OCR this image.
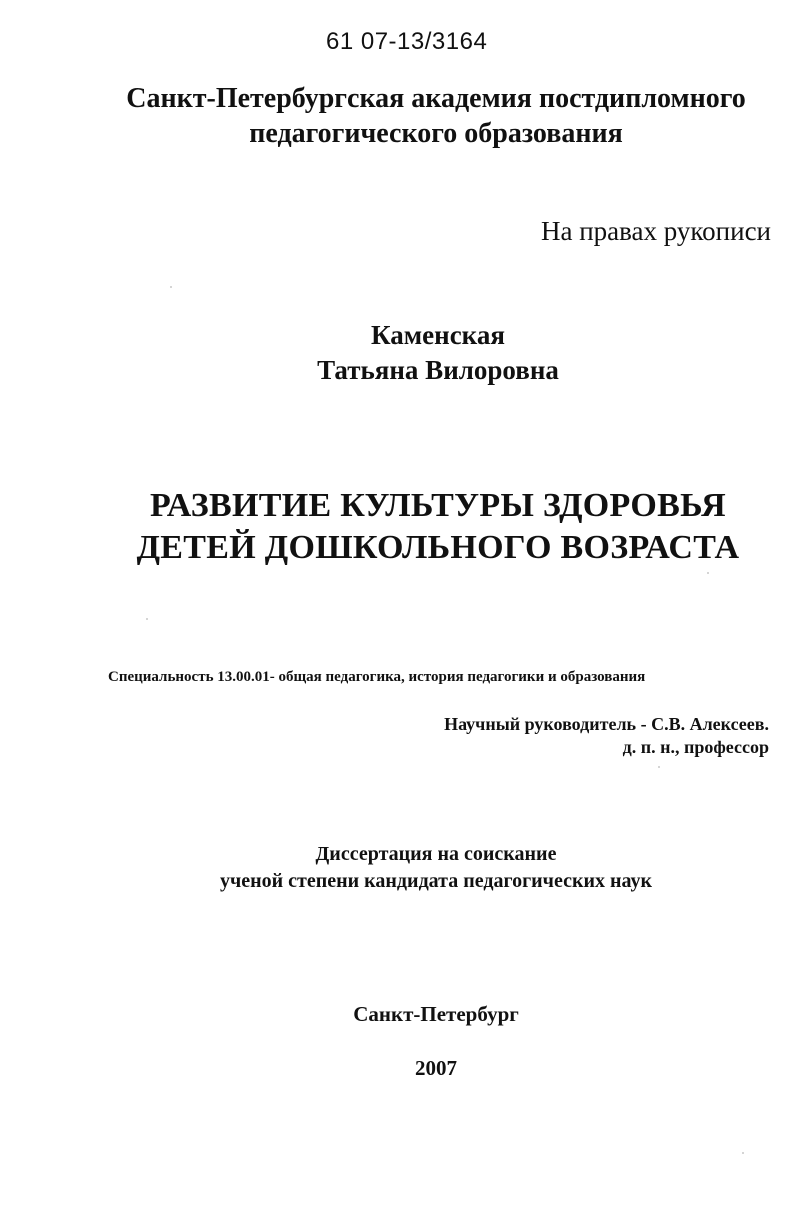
61 07-13/3164

Санкт-Петербургская академия постдипломного

педагогического образования

На правах рукописи

Каменская

Татьяна Вилоровна

РАЗВИТИЕ КУЛЬТУРЫ ЗДОРОВЬЯ

ДЕТЕЙ ДОШКОЛЬНОГО ВОЗРАСТА

Специальность 13.00.01- общая педагогика, история педагогики и образования

Научный руководитель - С.В. Алексеев.

д. п. н., профессор

Диссертация на соискание

ученой степени кандидата педагогических наук

Санкт-Петербург

2007
